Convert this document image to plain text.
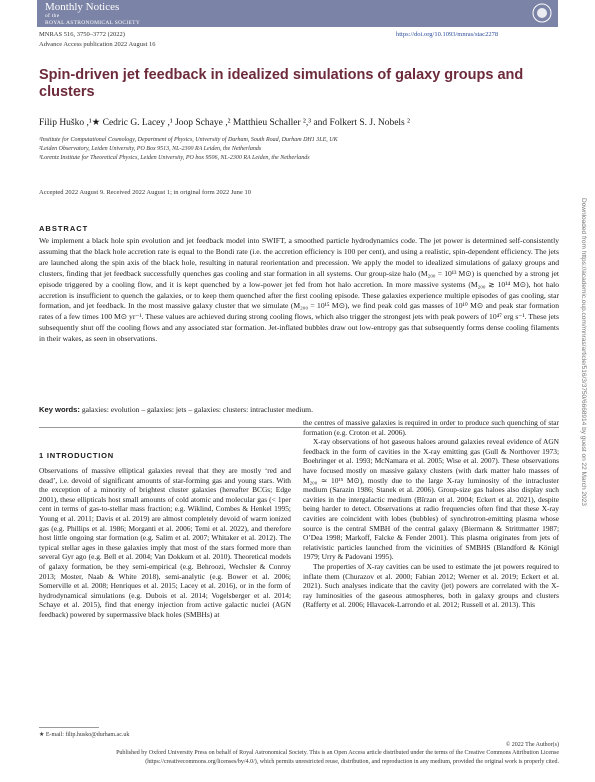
Monthly Notices
of the
ROYAL ASTRONOMICAL SOCIETY
MNRAS 516, 3750–3772 (2022)	https://doi.org/10.1093/mnras/stac2278
Advance Access publication 2022 August 16
Spin-driven jet feedback in idealized simulations of galaxy groups and clusters
Filip Huško ,¹★ Cedric G. Lacey ,¹ Joop Schaye ,² Matthieu Schaller ²,³ and Folkert S. J. Nobels ²
¹Institute for Computational Cosmology, Department of Physics, University of Durham, South Road, Durham DH1 3LE, UK
²Leiden Observatory, Leiden University, PO Box 9513, NL-2300 RA Leiden, the Netherlands
³Lorentz Institute for Theoretical Physics, Leiden University, PO box 9506, NL-2300 RA Leiden, the Netherlands
Accepted 2022 August 9. Received 2022 August 1; in original form 2022 June 10
ABSTRACT
We implement a black hole spin evolution and jet feedback model into SWIFT, a smoothed particle hydrodynamics code. The jet power is determined self-consistently assuming that the black hole accretion rate is equal to the Bondi rate (i.e. the accretion efficiency is 100 per cent), and using a realistic, spin-dependent efficiency. The jets are launched along the spin axis of the black hole, resulting in natural reorientation and precession. We apply the model to idealized simulations of galaxy groups and clusters, finding that jet feedback successfully quenches gas cooling and star formation in all systems. Our group-size halo (M₂₀₀ = 10¹³ M⊙) is quenched by a strong jet episode triggered by a cooling flow, and it is kept quenched by a low-power jet fed from hot halo accretion. In more massive systems (M₂₀₀ ≳ 10¹⁴ M⊙), hot halo accretion is insufficient to quench the galaxies, or to keep them quenched after the first cooling episode. These galaxies experience multiple episodes of gas cooling, star formation, and jet feedback. In the most massive galaxy cluster that we simulate (M₂₀₀ = 10¹⁵ M⊙), we find peak cold gas masses of 10¹⁰ M⊙ and peak star formation rates of a few times 100 M⊙ yr⁻¹. These values are achieved during strong cooling flows, which also trigger the strongest jets with peak powers of 10⁴⁷ erg s⁻¹. These jets subsequently shut off the cooling flows and any associated star formation. Jet-inflated bubbles draw out low-entropy gas that subsequently forms dense cooling filaments in their wakes, as seen in observations.
Key words: galaxies: evolution – galaxies: jets – galaxies: clusters: intracluster medium.
1 INTRODUCTION

Observations of massive elliptical galaxies reveal that they are mostly ‘red and dead’, i.e. devoid of significant amounts of star-forming gas and young stars. With the exception of a minority of brightest cluster galaxies (hereafter BCGs; Edge 2001), these ellipticals host small amounts of cold atomic and molecular gas (< 1per cent in terms of gas-to-stellar mass fraction; e.g. Wiklind, Combes & Henkel 1995; Young et al. 2011; Davis et al. 2019) are almost completely devoid of warm ionized gas (e.g. Phillips et al. 1986; Morganti et al. 2006; Temi et al. 2022), and therefore host little ongoing star formation (e.g. Salim et al. 2007; Whitaker et al. 2012). The typical stellar ages in these galaxies imply that most of the stars formed more than several Gyr ago (e.g. Bell et al. 2004; Van Dokkum et al. 2010). Theoretical models of galaxy formation, be they semi-empirical (e.g. Behroozi, Wechsler & Conroy 2013; Moster, Naab & White 2018), semi-analytic (e.g. Bower et al. 2006; Somerville et al. 2008; Henriques et al. 2015; Lacey et al. 2016), or in the form of hydrodynamical simulations (e.g. Dubois et al. 2014; Vogelsberger et al. 2014; Schaye et al. 2015), find that energy injection from active galactic nuclei (AGN feedback) powered by supermassive black holes (SMBHs) at

the centres of massive galaxies is required in order to produce such quenching of star formation (e.g. Croton et al. 2006).

X-ray observations of hot gaseous haloes around galaxies reveal evidence of AGN feedback in the form of cavities in the X-ray emitting gas (Gull & Northover 1973; Boehringer et al. 1993; McNamara et al. 2005; Wise et al. 2007). These observations have focused mostly on massive galaxy clusters (with dark matter halo masses of M₂₀₀ ≃ 10¹⁵ M⊙), mostly due to the large X-ray luminosity of the intracluster medium (Sarazin 1986; Stanek et al. 2006). Group-size gas haloes also display such cavities in the intergalactic medium (Bîrzan et al. 2004; Eckert et al. 2021), despite being harder to detect. Observations at radio frequencies often find that these X-ray cavities are coincident with lobes (bubbles) of synchrotron-emitting plasma whose source is the central SMBH of the central galaxy (Biermann & Strittmatter 1987; O’Dea 1998; Markoff, Falcke & Fender 2001). This plasma originates from jets of relativistic particles launched from the vicinities of SMBHS (Blandford & Königl 1979; Urry & Padovani 1995).

The properties of X-ray cavities can be used to estimate the jet powers required to inflate them (Churazov et al. 2000; Fabian 2012; Werner et al. 2019; Eckert et al. 2021). Such analyses indicate that the cavity (jet) powers are correlated with the X-ray luminosities of the gaseous atmospheres, both in galaxy groups and clusters (Rafferty et al. 2006; Hlavacek-Larrondo et al. 2012; Russell et al. 2013). This

★ E-mail: filip.husko@durham.ac.uk
© 2022 The Author(s)
Published by Oxford University Press on behalf of Royal Astronomical Society. This is an Open Access article distributed under the terms of the Creative Commons Attribution License (https://creativecommons.org/licenses/by/4.0/), which permits unrestricted reuse, distribution, and reproduction in any medium, provided the original work is properly cited.
Downloaded from https://academic.oup.com/mnras/article/516/3/3750/6668914 by guest on 22 March 2023
